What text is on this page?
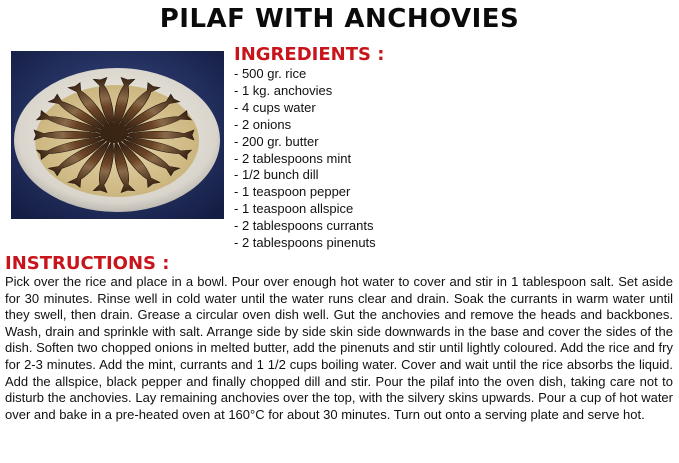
PILAF WITH ANCHOVIES
INGREDIENTS :
- 500 gr. rice
- 1 kg. anchovies
- 4 cups water
- 2 onions
- 200 gr. butter
- 2 tablespoons mint
- 1/2 bunch dill
- 1 teaspoon pepper
- 1 teaspoon allspice
- 2 tablespoons currants
- 2 tablespoons pinenuts
INSTRUCTIONS :

Pick over the rice and place in a bowl. Pour over enough hot water to cover and stir in 1 tablespoon salt. Set aside for 30 minutes. Rinse well in cold water until the water runs clear and drain. Soak the currants in warm water until they swell, then drain. Grease a circular oven dish well. Gut the anchovies and remove the heads and backbones. Wash, drain and sprinkle with salt. Arrange side by side skin side downwards in the base and cover the sides of the dish. Soften two chopped onions in melted butter, add the pinenuts and stir until lightly coloured. Add the rice and fry for 2-3 minutes. Add the mint, currants and 1 1/2 cups boiling water. Cover and wait until the rice absorbs the liquid. Add the allspice, black pepper and finally chopped dill and stir. Pour the pilaf into the oven dish, taking care not to disturb the anchovies. Lay remaining anchovies over the top, with the silvery skins upwards. Pour a cup of hot water over and bake in a pre-heated oven at 160°C for about 30 minutes. Turn out onto a serving plate and serve hot.
